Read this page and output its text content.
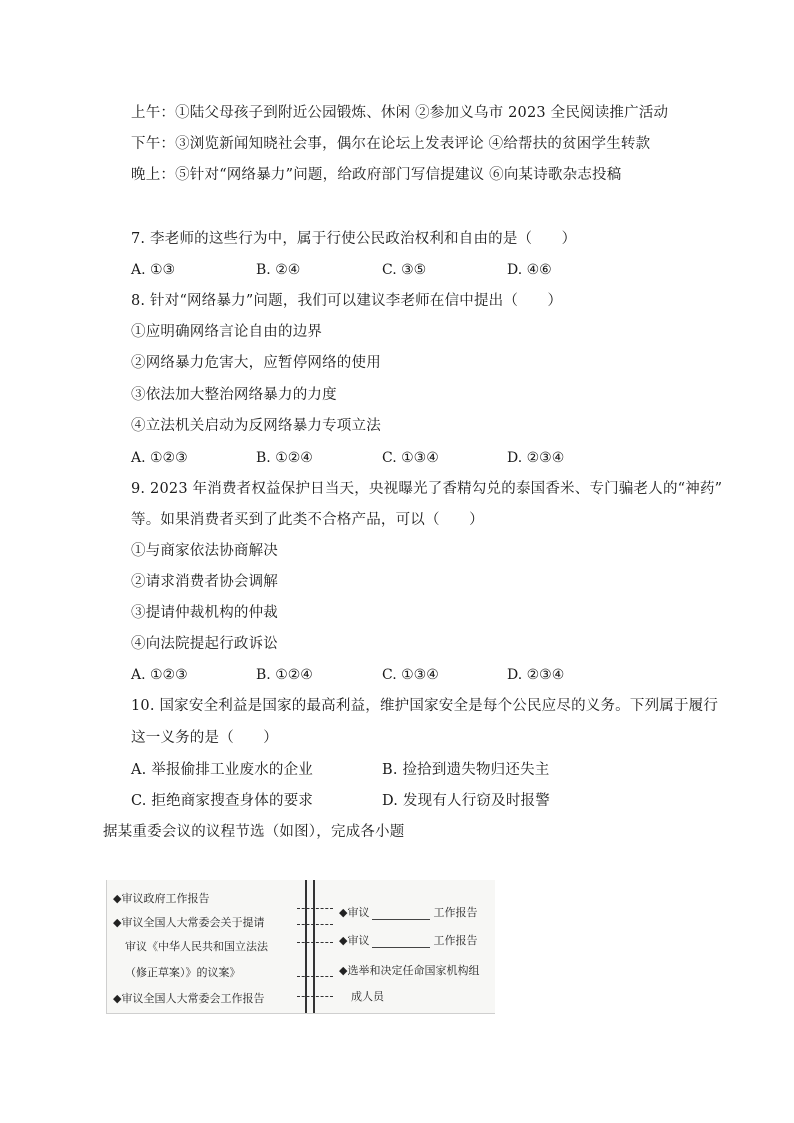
上午：①陆父母孩子到附近公园锻炼、休闲 ②参加义乌市 2023 全民阅读推广活动
下午：③浏览新闻知晓社会事，偶尔在论坛上发表评论 ④给帮扶的贫困学生转款
晚上：⑤针对“网络暴力”问题，给政府部门写信提建议 ⑥向某诗歌杂志投稿
7. 李老师的这些行为中，属于行使公民政治权利和自由的是（　　）
A. ①③	B. ②④	C. ③⑤	D. ④⑥
8. 针对“网络暴力”问题，我们可以建议李老师在信中提出（　　）
①应明确网络言论自由的边界
②网络暴力危害大，应暂停网络的使用
③依法加大整治网络暴力的力度
④立法机关启动为反网络暴力专项立法
A. ①②③	B. ①②④	C. ①③④	D. ②③④
9. 2023 年消费者权益保护日当天，央视曝光了香精勾兑的泰国香米、专门骗老人的“神药”
等。如果消费者买到了此类不合格产品，可以（　　）
①与商家依法协商解决
②请求消费者协会调解
③提请仲裁机构的仲裁
④向法院提起行政诉讼
A. ①②③	B. ①②④	C. ①③④	D. ②③④
10. 国家安全利益是国家的最高利益，维护国家安全是每个公民应尽的义务。下列属于履行
这一义务的是（　　）
A. 举报偷排工业废水的企业	B. 捡拾到遗失物归还失主
C. 拒绝商家搜查身体的要求	D. 发现有人行窃及时报警
据某重委会议的议程节选（如图），完成各小题
◆审议政府工作报告
◆审议全国人大常委会关于提请
审议《中华人民共和国立法法
（修正草案）》的议案》
◆审议全国人大常委会工作报告
◆审议	工作报告
◆审议	工作报告
◆选举和决定任命国家机构组
成人员
